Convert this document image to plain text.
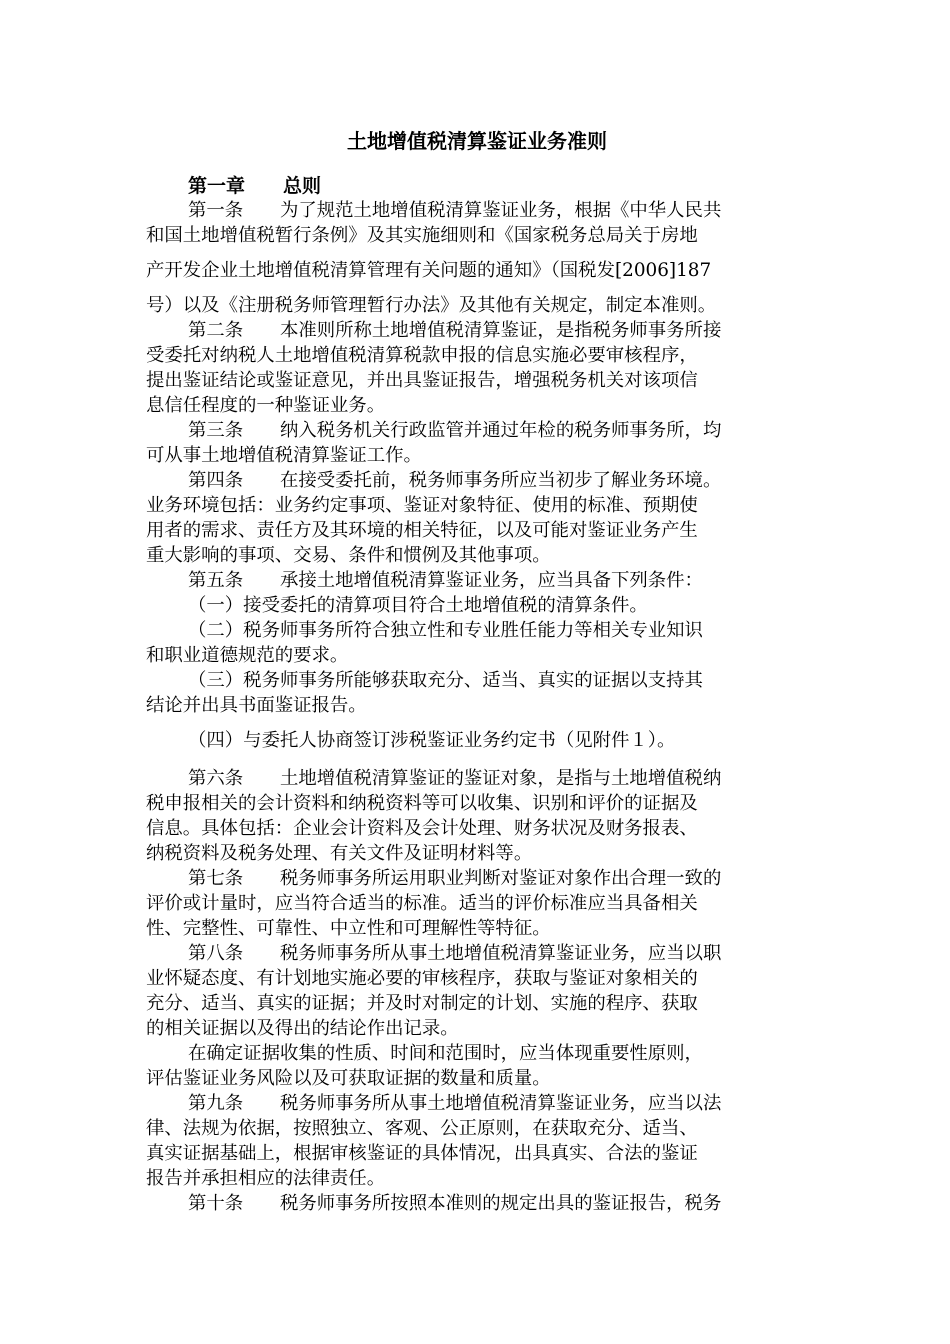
土地增值税清算鉴证业务准则
第一章　　总则
第一条　　为了规范土地增值税清算鉴证业务，根据《中华人民共
和国土地增值税暂行条例》及其实施细则和《国家税务总局关于房地
产开发企业土地增值税清算管理有关问题的通知》（国税发[2006]187
号）以及《注册税务师管理暂行办法》及其他有关规定，制定本准则。
第二条　　本准则所称土地增值税清算鉴证，是指税务师事务所接
受委托对纳税人土地增值税清算税款申报的信息实施必要审核程序，
提出鉴证结论或鉴证意见，并出具鉴证报告，增强税务机关对该项信
息信任程度的一种鉴证业务。
第三条　　纳入税务机关行政监管并通过年检的税务师事务所，均
可从事土地增值税清算鉴证工作。
第四条　　在接受委托前，税务师事务所应当初步了解业务环境。
业务环境包括：业务约定事项、鉴证对象特征、使用的标准、预期使
用者的需求、责任方及其环境的相关特征，以及可能对鉴证业务产生
重大影响的事项、交易、条件和惯例及其他事项。
第五条　　承接土地增值税清算鉴证业务，应当具备下列条件：
（一）接受委托的清算项目符合土地增值税的清算条件。
（二）税务师事务所符合独立性和专业胜任能力等相关专业知识
和职业道德规范的要求。
（三）税务师事务所能够获取充分、适当、真实的证据以支持其
结论并出具书面鉴证报告。
（四）与委托人协商签订涉税鉴证业务约定书（见附件１）。
第六条　　土地增值税清算鉴证的鉴证对象，是指与土地增值税纳
税申报相关的会计资料和纳税资料等可以收集、识别和评价的证据及
信息。具体包括：企业会计资料及会计处理、财务状况及财务报表、
纳税资料及税务处理、有关文件及证明材料等。
第七条　　税务师事务所运用职业判断对鉴证对象作出合理一致的
评价或计量时，应当符合适当的标准。适当的评价标准应当具备相关
性、完整性、可靠性、中立性和可理解性等特征。
第八条　　税务师事务所从事土地增值税清算鉴证业务，应当以职
业怀疑态度、有计划地实施必要的审核程序，获取与鉴证对象相关的
充分、适当、真实的证据；并及时对制定的计划、实施的程序、获取
的相关证据以及得出的结论作出记录。
在确定证据收集的性质、时间和范围时，应当体现重要性原则，
评估鉴证业务风险以及可获取证据的数量和质量。
第九条　　税务师事务所从事土地增值税清算鉴证业务，应当以法
律、法规为依据，按照独立、客观、公正原则，在获取充分、适当、
真实证据基础上，根据审核鉴证的具体情况，出具真实、合法的鉴证
报告并承担相应的法律责任。
第十条　　税务师事务所按照本准则的规定出具的鉴证报告，税务
